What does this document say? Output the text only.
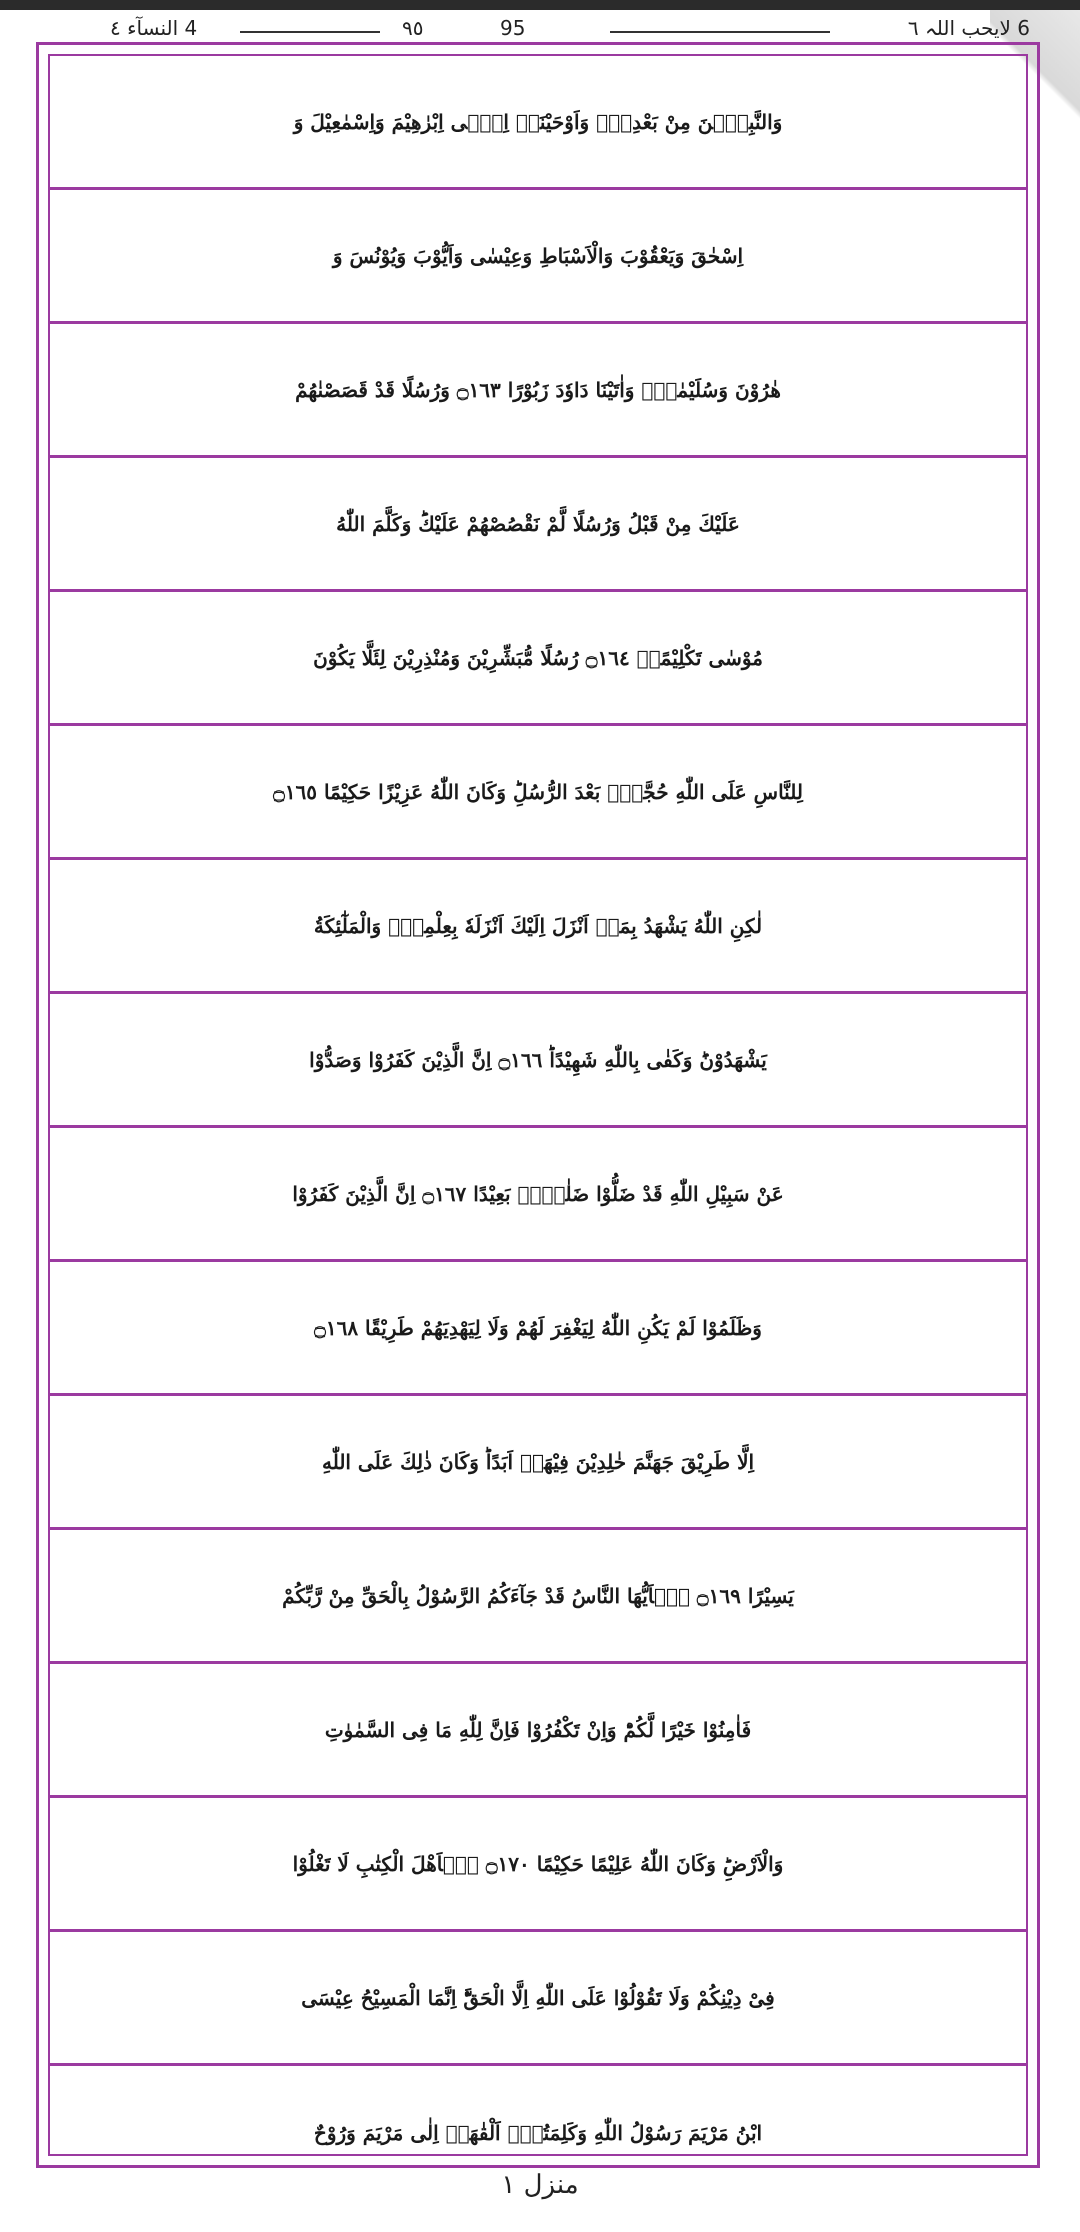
6 لایحب اللہ ٦
95
٩٥
4 النسآء ٤
وَالنَّبِيّٖنَ مِنْ بَعْدِهٖۚ وَاَوْحَيْنَاۤ اِلٰۤى اِبْرٰهِيْمَ وَاِسْمٰعِيْلَ وَ
اِسْحٰقَ وَيَعْقُوْبَ وَالْاَسْبَاطِ وَعِيْسٰى وَاَيُّوْبَ وَيُوْنُسَ وَ
هٰرُوْنَ وَسُلَيْمٰنَۚ وَاٰتَيْنَا دَاوٗدَ زَبُوْرًا ۝١٦٣ وَرُسُلًا قَدْ قَصَصْنٰهُمْ
عَلَيْكَ مِنْ قَبْلُ وَرُسُلًا لَّمْ نَقْصُصْهُمْ عَلَيْكَؕ وَكَلَّمَ اللّٰهُ
مُوْسٰى تَكْلِيْمًاۚ ۝١٦٤ رُسُلًا مُّبَشِّرِيْنَ وَمُنْذِرِيْنَ لِئَلَّا يَكُوْنَ
لِلنَّاسِ عَلَى اللّٰهِ حُجَّةٌۢ بَعْدَ الرُّسُلِؕ وَكَانَ اللّٰهُ عَزِيْزًا حَكِيْمًا ۝١٦٥
لٰكِنِ اللّٰهُ يَشْهَدُ بِمَاۤ اَنْزَلَ اِلَيْكَ اَنْزَلَهٗ بِعِلْمِهٖۚ وَالْمَلٰٓئِكَةُ
يَشْهَدُوْنَؕ وَكَفٰى بِاللّٰهِ شَهِيْدًاؕ ۝١٦٦ اِنَّ الَّذِيْنَ كَفَرُوْا وَصَدُّوْا
عَنْ سَبِيْلِ اللّٰهِ قَدْ ضَلُّوْا ضَلٰلًاۢ بَعِيْدًا ۝١٦٧ اِنَّ الَّذِيْنَ كَفَرُوْا
وَظَلَمُوْا لَمْ يَكُنِ اللّٰهُ لِيَغْفِرَ لَهُمْ وَلَا لِيَهْدِيَهُمْ طَرِيْقًا ۝١٦٨
اِلَّا طَرِيْقَ جَهَنَّمَ خٰلِدِيْنَ فِيْهَاۤ اَبَدًاؕ وَكَانَ ذٰلِكَ عَلَى اللّٰهِ
يَسِيْرًا ۝١٦٩ يٰۤاَيُّهَا النَّاسُ قَدْ جَآءَكُمُ الرَّسُوْلُ بِالْحَقِّ مِنْ رَّبِّكُمْ
فَاٰمِنُوْا خَيْرًا لَّكُمْؕ وَاِنْ تَكْفُرُوْا فَاِنَّ لِلّٰهِ مَا فِى السَّمٰوٰتِ
وَالْاَرْضِؕ وَكَانَ اللّٰهُ عَلِيْمًا حَكِيْمًا ۝١٧٠ يٰۤاَهْلَ الْكِتٰبِ لَا تَغْلُوْا
فِىْ دِيْنِكُمْ وَلَا تَقُوْلُوْا عَلَى اللّٰهِ اِلَّا الْحَقَّؕ اِنَّمَا الْمَسِيْحُ عِيْسَى
ابْنُ مَرْيَمَ رَسُوْلُ اللّٰهِ وَكَلِمَتُهٗۚ اَلْقٰهَاۤ اِلٰى مَرْيَمَ وَرُوْحٌ
منزل ۱
